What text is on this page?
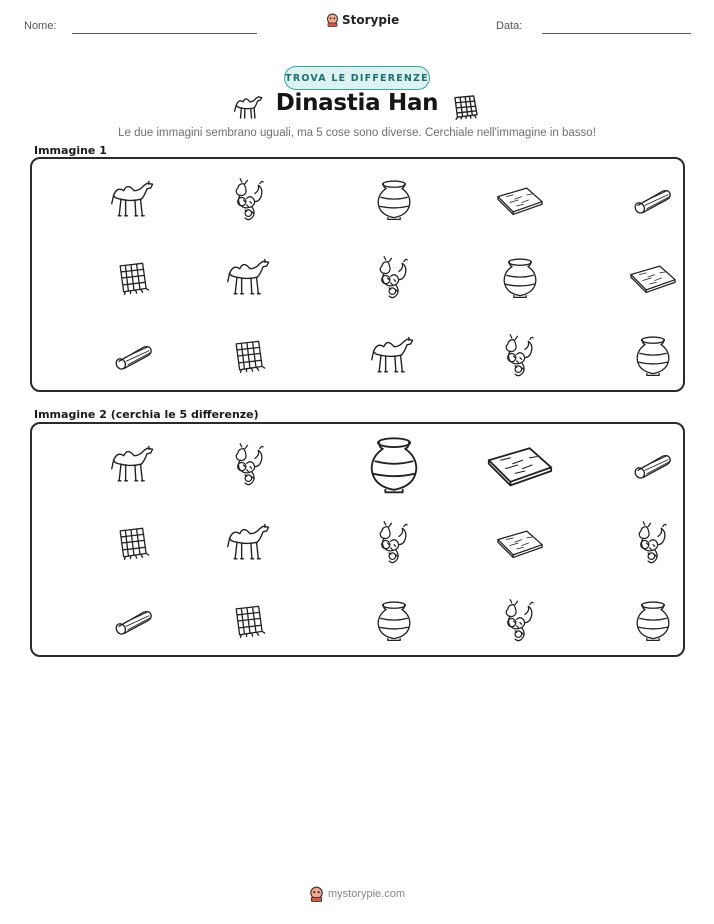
Nome:	Storypie	Data:
TROVA LE DIFFERENZE
Dinastia Han
Le due immagini sembrano uguali, ma 5 cose sono diverse. Cerchiale nell'immagine in basso!
Immagine 1
Immagine 2 (cerchia le 5 differenze)
mystorypie.com
